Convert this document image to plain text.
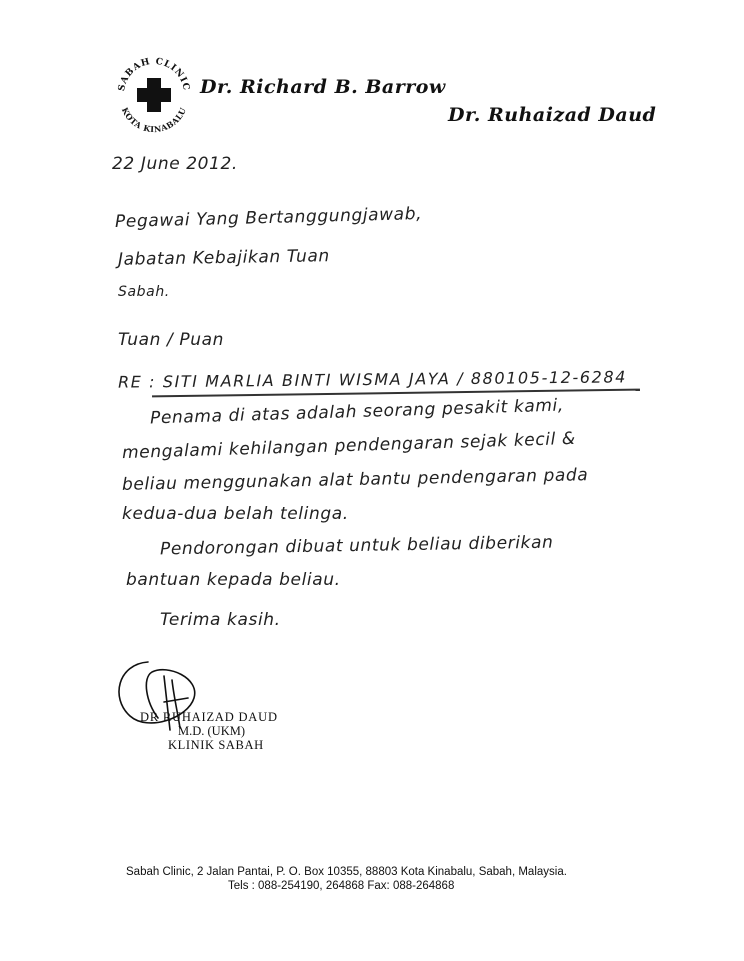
SABAH CLINIC
KOTA KINABALU
Dr. Richard B. Barrow
Dr. Ruhaizad Daud
22 June 2012.
Pegawai Yang Bertanggungjawab,
Jabatan Kebajikan Tuan
Sabah.
Tuan / Puan
RE : SITI MARLIA BINTI WISMA JAYA / 880105-12-6284
Penama di atas adalah seorang pesakit kami,
mengalami kehilangan pendengaran sejak kecil &
beliau menggunakan alat bantu pendengaran pada
kedua-dua belah telinga.
Pendorongan dibuat untuk beliau diberikan
bantuan kepada beliau.
Terima kasih.
DR RUHAIZAD DAUD
M.D. (UKM)
KLINIK SABAH
Sabah Clinic, 2 Jalan Pantai, P. O. Box 10355, 88803 Kota Kinabalu, Sabah, Malaysia.
Tels : 088-254190, 264868 Fax: 088-264868
